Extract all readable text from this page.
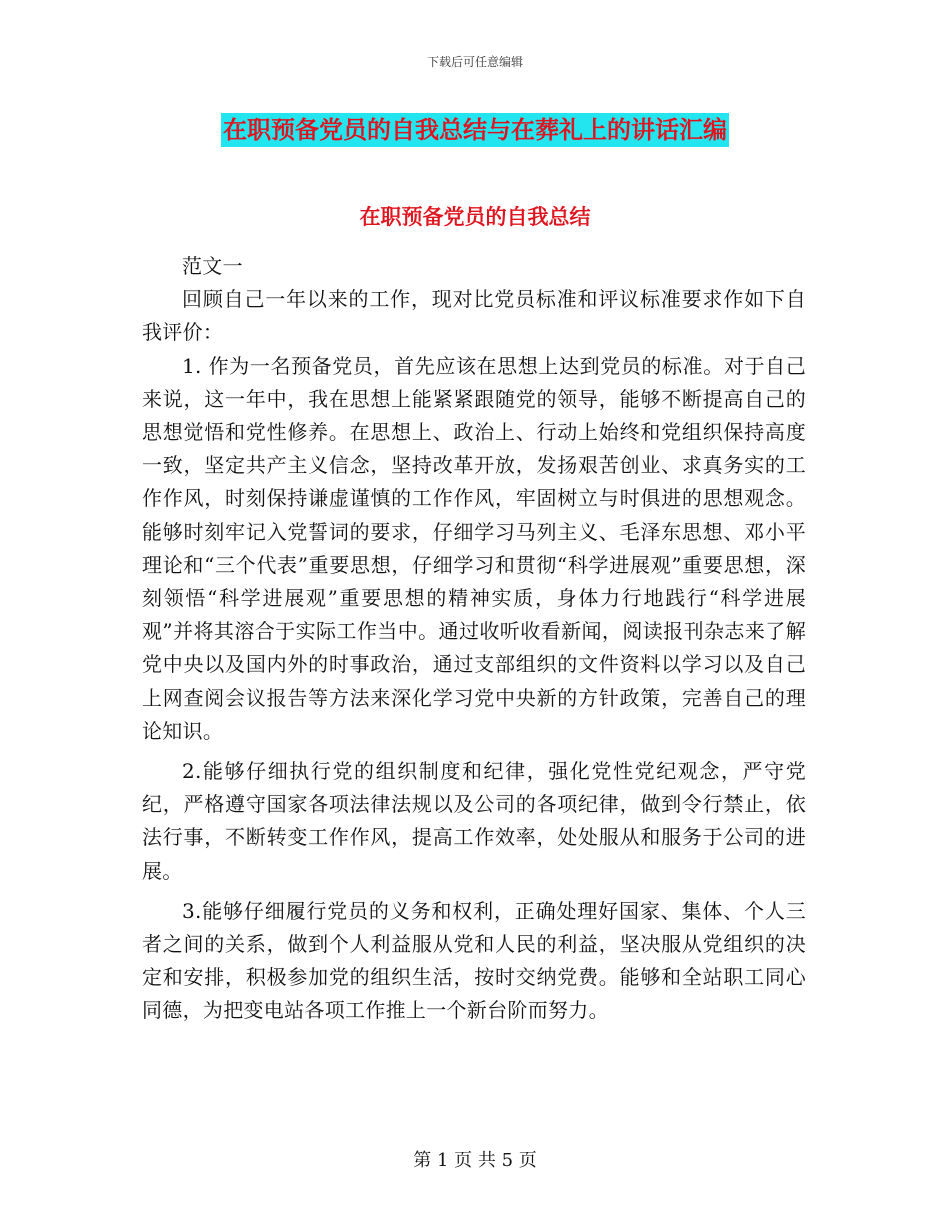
下载后可任意编辑
在职预备党员的自我总结与在葬礼上的讲话汇编
在职预备党员的自我总结

范文一

回顾自己一年以来的工作，现对比党员标准和评议标准要求作如下自我评价：

1. 作为一名预备党员，首先应该在思想上达到党员的标准。对于自己来说，这一年中，我在思想上能紧紧跟随党的领导，能够不断提高自己的思想觉悟和党性修养。在思想上、政治上、行动上始终和党组织保持高度一致，坚定共产主义信念，坚持改革开放，发扬艰苦创业、求真务实的工作作风，时刻保持谦虚谨慎的工作作风，牢固树立与时俱进的思想观念。能够时刻牢记入党誓词的要求，仔细学习马列主义、毛泽东思想、邓小平理论和“三个代表”重要思想，仔细学习和贯彻“科学进展观”重要思想，深刻领悟“科学进展观”重要思想的精神实质，身体力行地践行“科学进展观”并将其溶合于实际工作当中。通过收听收看新闻，阅读报刊杂志来了解党中央以及国内外的时事政治，通过支部组织的文件资料以学习以及自己上网查阅会议报告等方法来深化学习党中央新的方针政策，完善自己的理论知识。

2.能够仔细执行党的组织制度和纪律，强化党性党纪观念，严守党纪，严格遵守国家各项法律法规以及公司的各项纪律，做到令行禁止，依法行事，不断转变工作作风，提高工作效率，处处服从和服务于公司的进展。

3.能够仔细履行党员的义务和权利，正确处理好国家、集体、个人三者之间的关系，做到个人利益服从党和人民的利益，坚决服从党组织的决定和安排，积极参加党的组织生活，按时交纳党费。能够和全站职工同心同德，为把变电站各项工作推上一个新台阶而努力。

第 1 页 共 5 页
